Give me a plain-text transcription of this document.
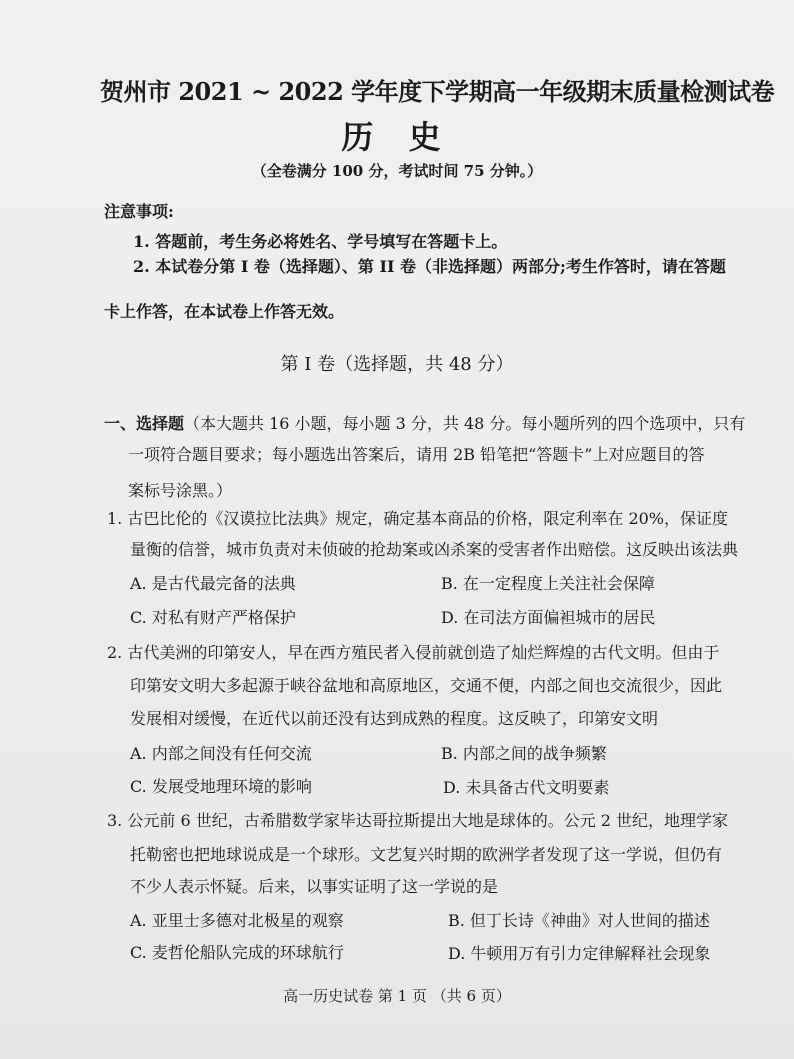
贺州市 2021 ~ 2022 学年度下学期高一年级期末质量检测试卷
历 史
（全卷满分 100 分，考试时间 75 分钟。）
注意事项:
1. 答题前，考生务必将姓名、学号填写在答题卡上。
2. 本试卷分第 I 卷（选择题）、第 II 卷（非选择题）两部分;考生作答时，请在答题
卡上作答，在本试卷上作答无效。
第 I 卷（选择题，共 48 分）
一、选择题（本大题共 16 小题，每小题 3 分，共 48 分。每小题所列的四个选项中，只有
一项符合题目要求；每小题选出答案后，请用 2B 铅笔把“答题卡”上对应题目的答
案标号涂黑。）
1. 古巴比伦的《汉谟拉比法典》规定，确定基本商品的价格，限定利率在 20%，保证度
量衡的信誉，城市负责对未侦破的抢劫案或凶杀案的受害者作出赔偿。这反映出该法典
A. 是古代最完备的法典	B. 在一定程度上关注社会保障
C. 对私有财产严格保护	D. 在司法方面偏袒城市的居民
2. 古代美洲的印第安人，早在西方殖民者入侵前就创造了灿烂辉煌的古代文明。但由于
印第安文明大多起源于峡谷盆地和高原地区，交通不便，内部之间也交流很少，因此
发展相对缓慢，在近代以前还没有达到成熟的程度。这反映了，印第安文明
A. 内部之间没有任何交流	B. 内部之间的战争频繁
C. 发展受地理环境的影响	D. 未具备古代文明要素
3. 公元前 6 世纪，古希腊数学家毕达哥拉斯提出大地是球体的。公元 2 世纪，地理学家
托勒密也把地球说成是一个球形。文艺复兴时期的欧洲学者发现了这一学说，但仍有
不少人表示怀疑。后来，以事实证明了这一学说的是
A. 亚里士多德对北极星的观察	B. 但丁长诗《神曲》对人世间的描述
C. 麦哲伦船队完成的环球航行	D. 牛顿用万有引力定律解释社会现象
高一历史试卷 第 1 页 （共 6 页）
